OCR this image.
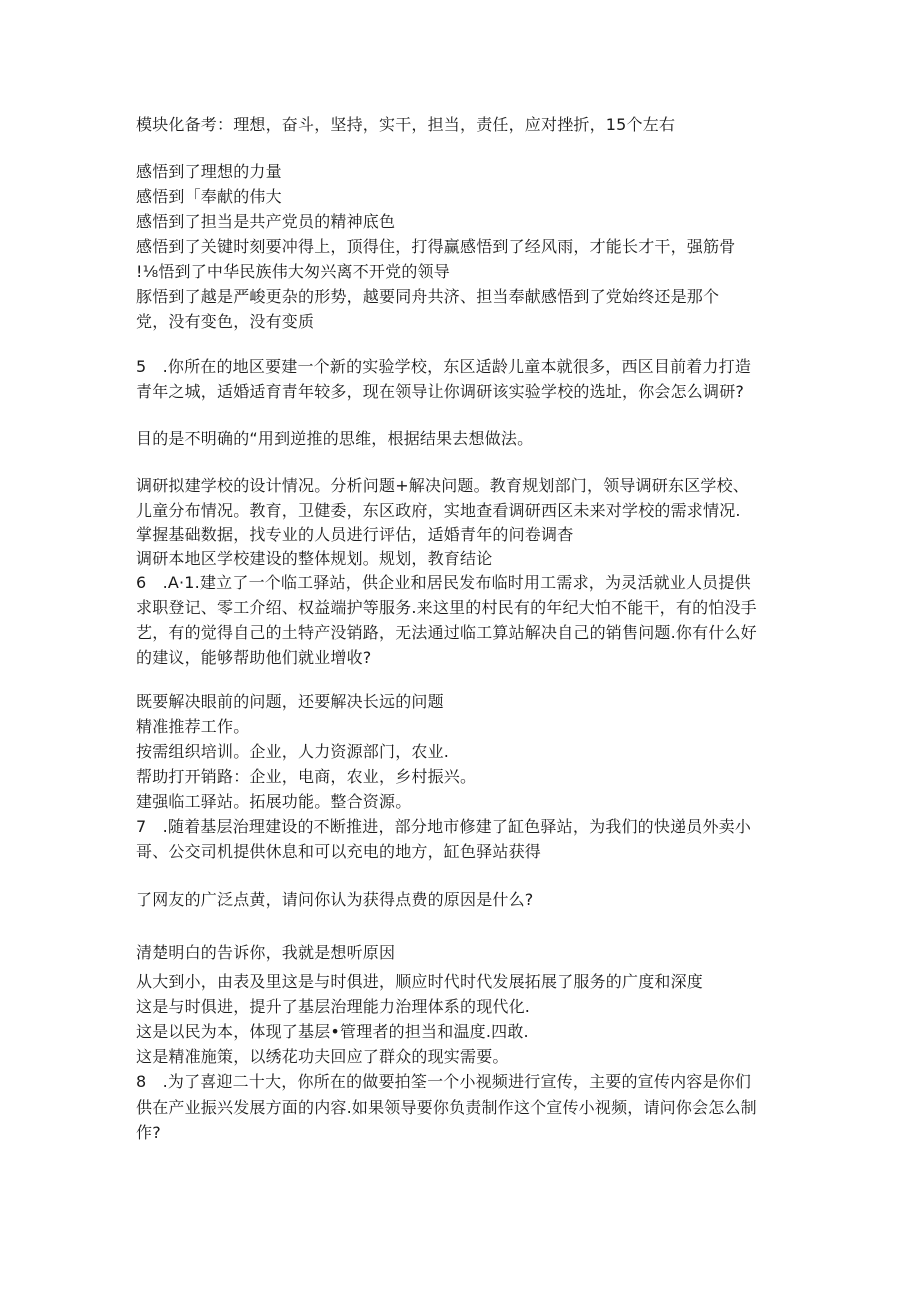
模块化备考：理想，奋斗，坚持，实干，担当，责任，应对挫折，15个左右

感悟到了理想的力量

感悟到「奉献的伟大

感悟到了担当是共产党员的精神底色

感悟到了关键时刻要冲得上，顶得住，打得赢感悟到了经风雨，才能长才干，强筋骨

!⅛悟到了中华民族伟大匆兴离不开党的领导

豚悟到了越是严峻更杂的形势，越要同舟共济、担当奉献感悟到了党始终还是那个

党，没有变色，没有变质

5　.你所在的地区要建一个新的实验学校，东区适龄儿童本就很多，西区目前着力打造

青年之城，适婚适育青年较多，现在领导让你调研该实验学校的选址，你会怎么调研?

目的是不明确的“用到逆推的思维，根据结果去想做法。

调研拟建学校的设计情况。分析问题+解决问题。教育规划部门，领导调研东区学校、

儿童分布情况。教育，卫健委，东区政府，实地查看调研西区未来对学校的需求情况.

掌握基础数据，找专业的人员进行评估，适婚青年的问卷调杳

调研本地区学校建设的整体规划。规划，教育结论

6　.A·1.建立了一个临工驿站，供企业和居民发布临时用工需求，为灵活就业人员提供

求职登记、零工介绍、权益端护等服务.来这里的村民有的年纪大怕不能干，有的怕没手

艺，有的觉得自己的土特产没销路，无法通过临工算站解决自己的销售问题.你有什么好

的建议，能够帮助他们就业增收?

既要解决眼前的问题，还要解决长远的问题

精准推荐工作。

按需组织培训。企业，人力资源部门，农业.

帮助打开销路：企业，电商，农业，乡村振兴。

建强临工驿站。拓展功能。整合资源。

7　.随着基层治理建设的不断推进，部分地市修建了缸色驿站，为我们的快递员外卖小

哥、公交司机提供休息和可以充电的地方，缸色驿站获得

了网友的广泛点黄，请问你认为获得点费的原因是什么?

清楚明白的告诉你，我就是想听原因

从大到小，由表及里这是与时俱进，顺应时代时代发展拓展了服务的广度和深度

这是与时俱进，提升了基层治理能力治理体系的现代化.

这是以民为本，体现了基层•管理者的担当和温度.四敢.

这是精准施策，以绣花功夫回应了群众的现实需要。

8　.为了喜迎二十大，你所在的做要拍筌一个小视频进行宣传，主要的宣传内容是你们

供在产业振兴发展方面的内容.如果领导要你负责制作这个宣传小视频，请问你会怎么制

作?
